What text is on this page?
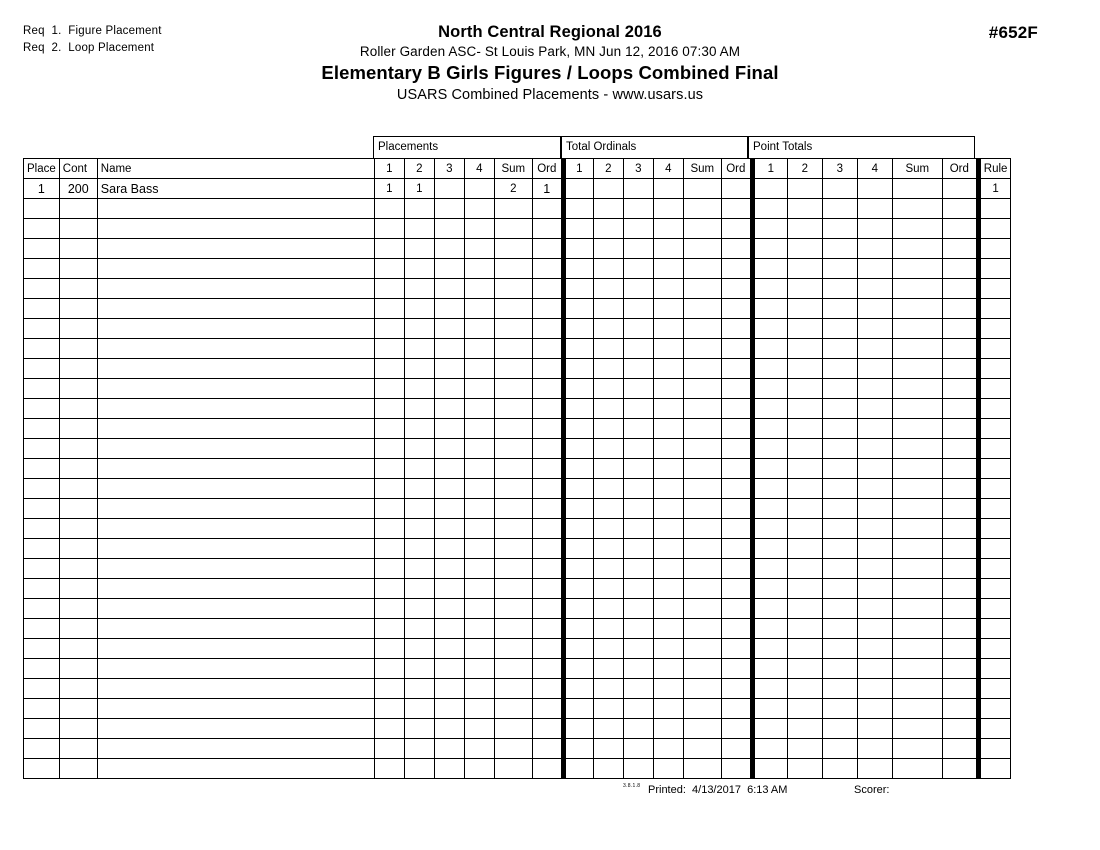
Req  1.  Figure Placement
Req  2.  Loop Placement
North Central Regional 2016
Roller Garden ASC- St Louis Park, MN Jun 12, 2016 07:30 AM
Elementary B Girls Figures / Loops Combined Final
USARS Combined Placements - www.usars.us
#652F
Placements	Total Ordinals	Point Totals
Place	Cont	Name	1	2	3	4	Sum	Ord	1	2	3	4	Sum	Ord	1	2	3	4	Sum	Ord	Rule
1	200	Sara Bass	1	1			2	1													1

3.8.1.8 Printed:  4/13/2017  6:13 AM	Scorer:
